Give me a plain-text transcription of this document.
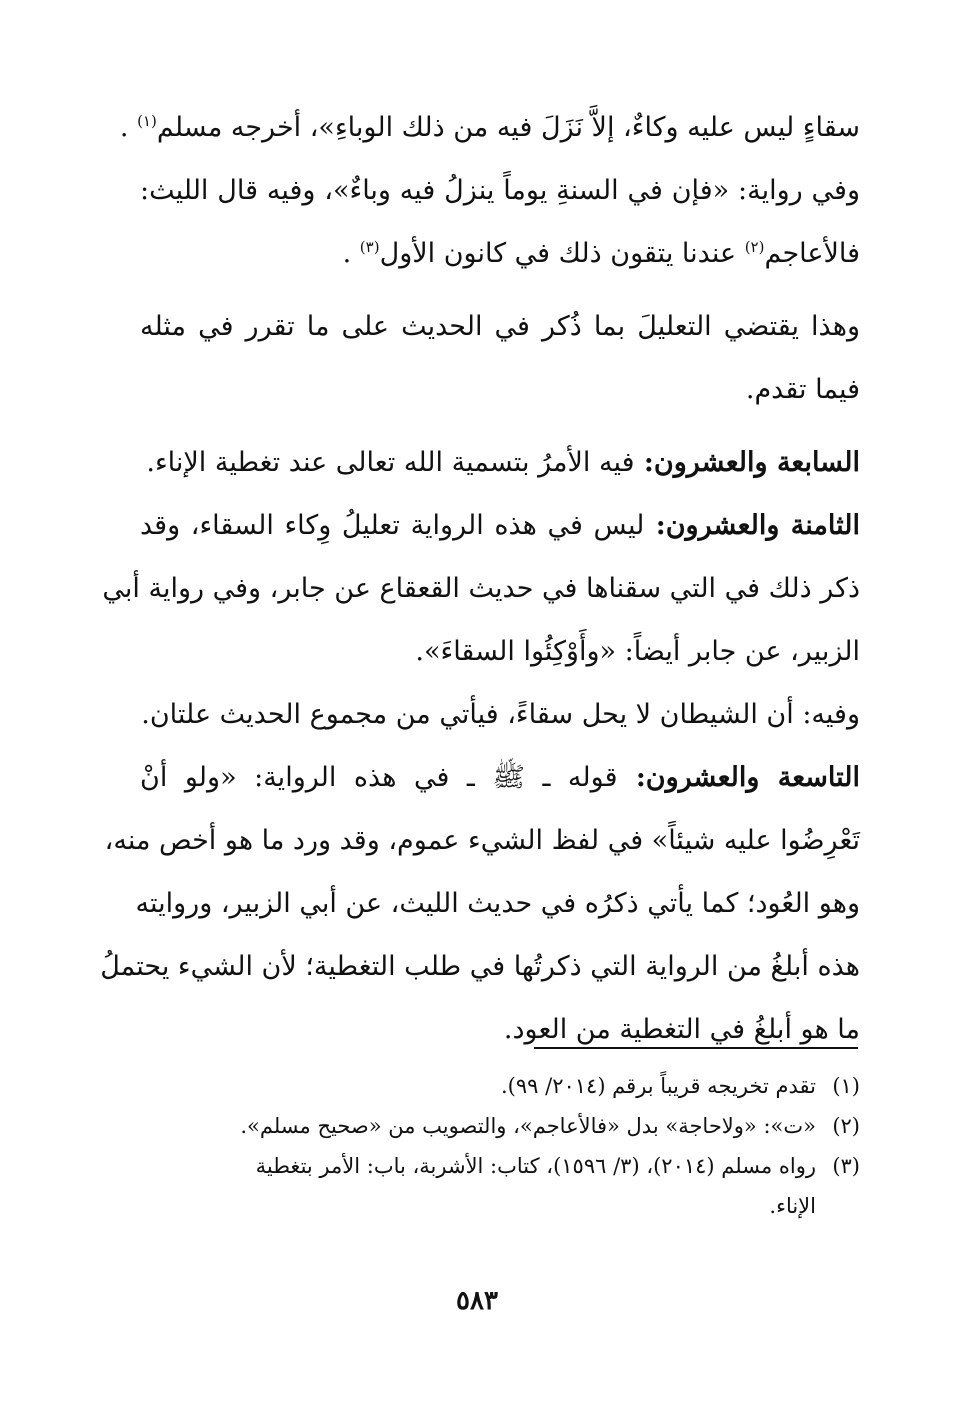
سقاءٍ ليس عليه وكاءٌ، إلاَّ نَزَلَ فيه من ذلك الوباءِ»، أخرجه مسلم$^{(١)}$ .
وفي رواية: «فإن في السنةِ يوماً ينزلُ فيه وباءٌ»، وفيه قال الليث:
فالأعاجم$^{(٢)}$ عندنا يتقون ذلك في كانون الأول$^{(٣)}$ .
وهذا يقتضي التعليلَ بما ذُكر في الحديث على ما تقرر في مثله
فيما تقدم.
السابعة والعشرون: فيه الأمرُ بتسمية الله تعالى عند تغطية الإناء.
الثامنة والعشرون: ليس في هذه الرواية تعليلُ وِكاء السقاء، وقد
ذكر ذلك في التي سقناها في حديث القعقاع عن جابر، وفي رواية أبي
الزبير، عن جابر أيضاً: «وأَوْكِئُوا السقاءَ».
وفيه: أن الشيطان لا يحل سقاءً، فيأتي من مجموع الحديث علتان.
التاسعة والعشرون: قوله ـ ﷺ ـ في هذه الرواية: «ولو أنْ
تَعْرِضُوا عليه شيئاً» في لفظ الشيء عموم، وقد ورد ما هو أخص منه،
وهو العُود؛ كما يأتي ذكرُه في حديث الليث، عن أبي الزبير، وروايته
هذه أبلغُ من الرواية التي ذكرتُها في طلب التغطية؛ لأن الشيء يحتملُ
ما هو أبلغُ في التغطية من العود.
(١)تقدم تخريجه قريباً برقم (٢٠١٤/ ٩٩).
(٢)«ت»: «ولاحاجة» بدل «فالأعاجم»، والتصويب من «صحيح مسلم».
(٣)رواه مسلم (٢٠١٤)، (٣/ ١٥٩٦)، كتاب: الأشربة، باب: الأمر بتغطية
الإناء.
٥٨٣
